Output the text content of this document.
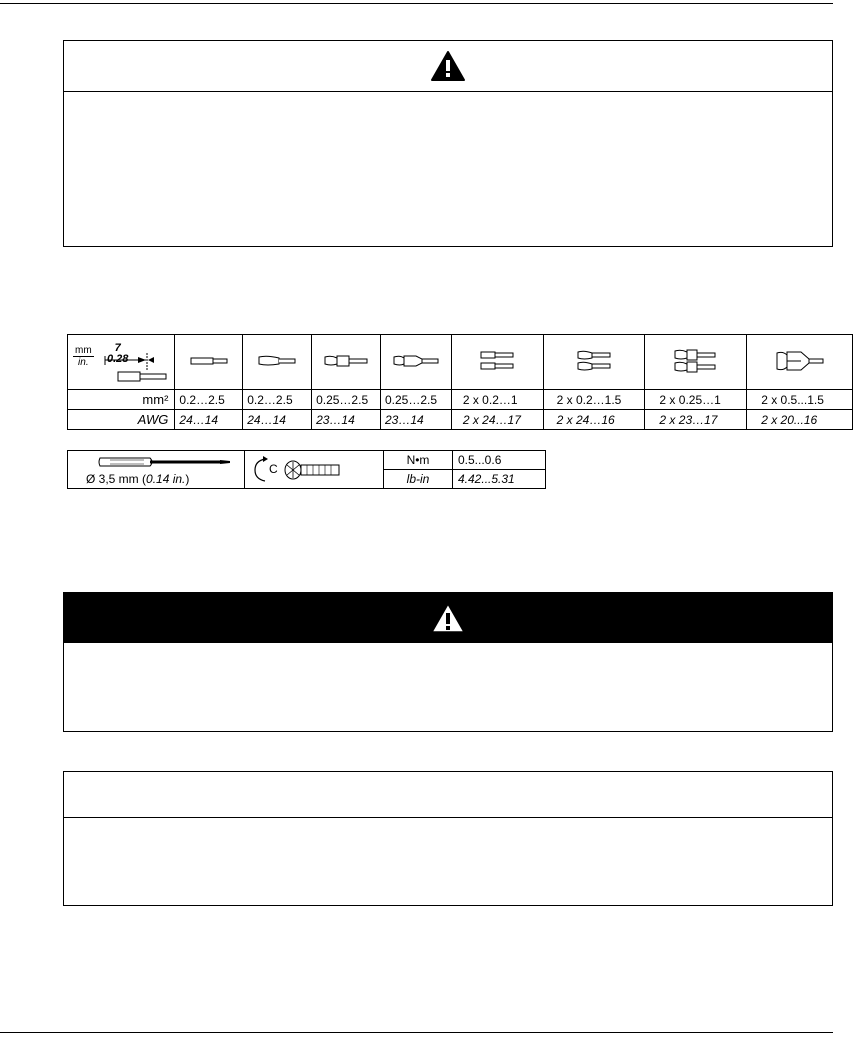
mm
in.
7
0.28

mm²	0.2…2.5	0.2…2.5	0.25…2.5	0.25…2.5	2 x 0.2…1	2 x 0.2…1.5	2 x 0.25…1	2 x 0.5...1.5
AWG	24…14	24…14	23…14	23…14	2 x 24…17	2 x 24…16	2 x 23…17	2 x 20...16
Ø 3,5 mm (0.14 in.)	C	N•m	0.5...0.6
		lb-in	4.42...5.31
